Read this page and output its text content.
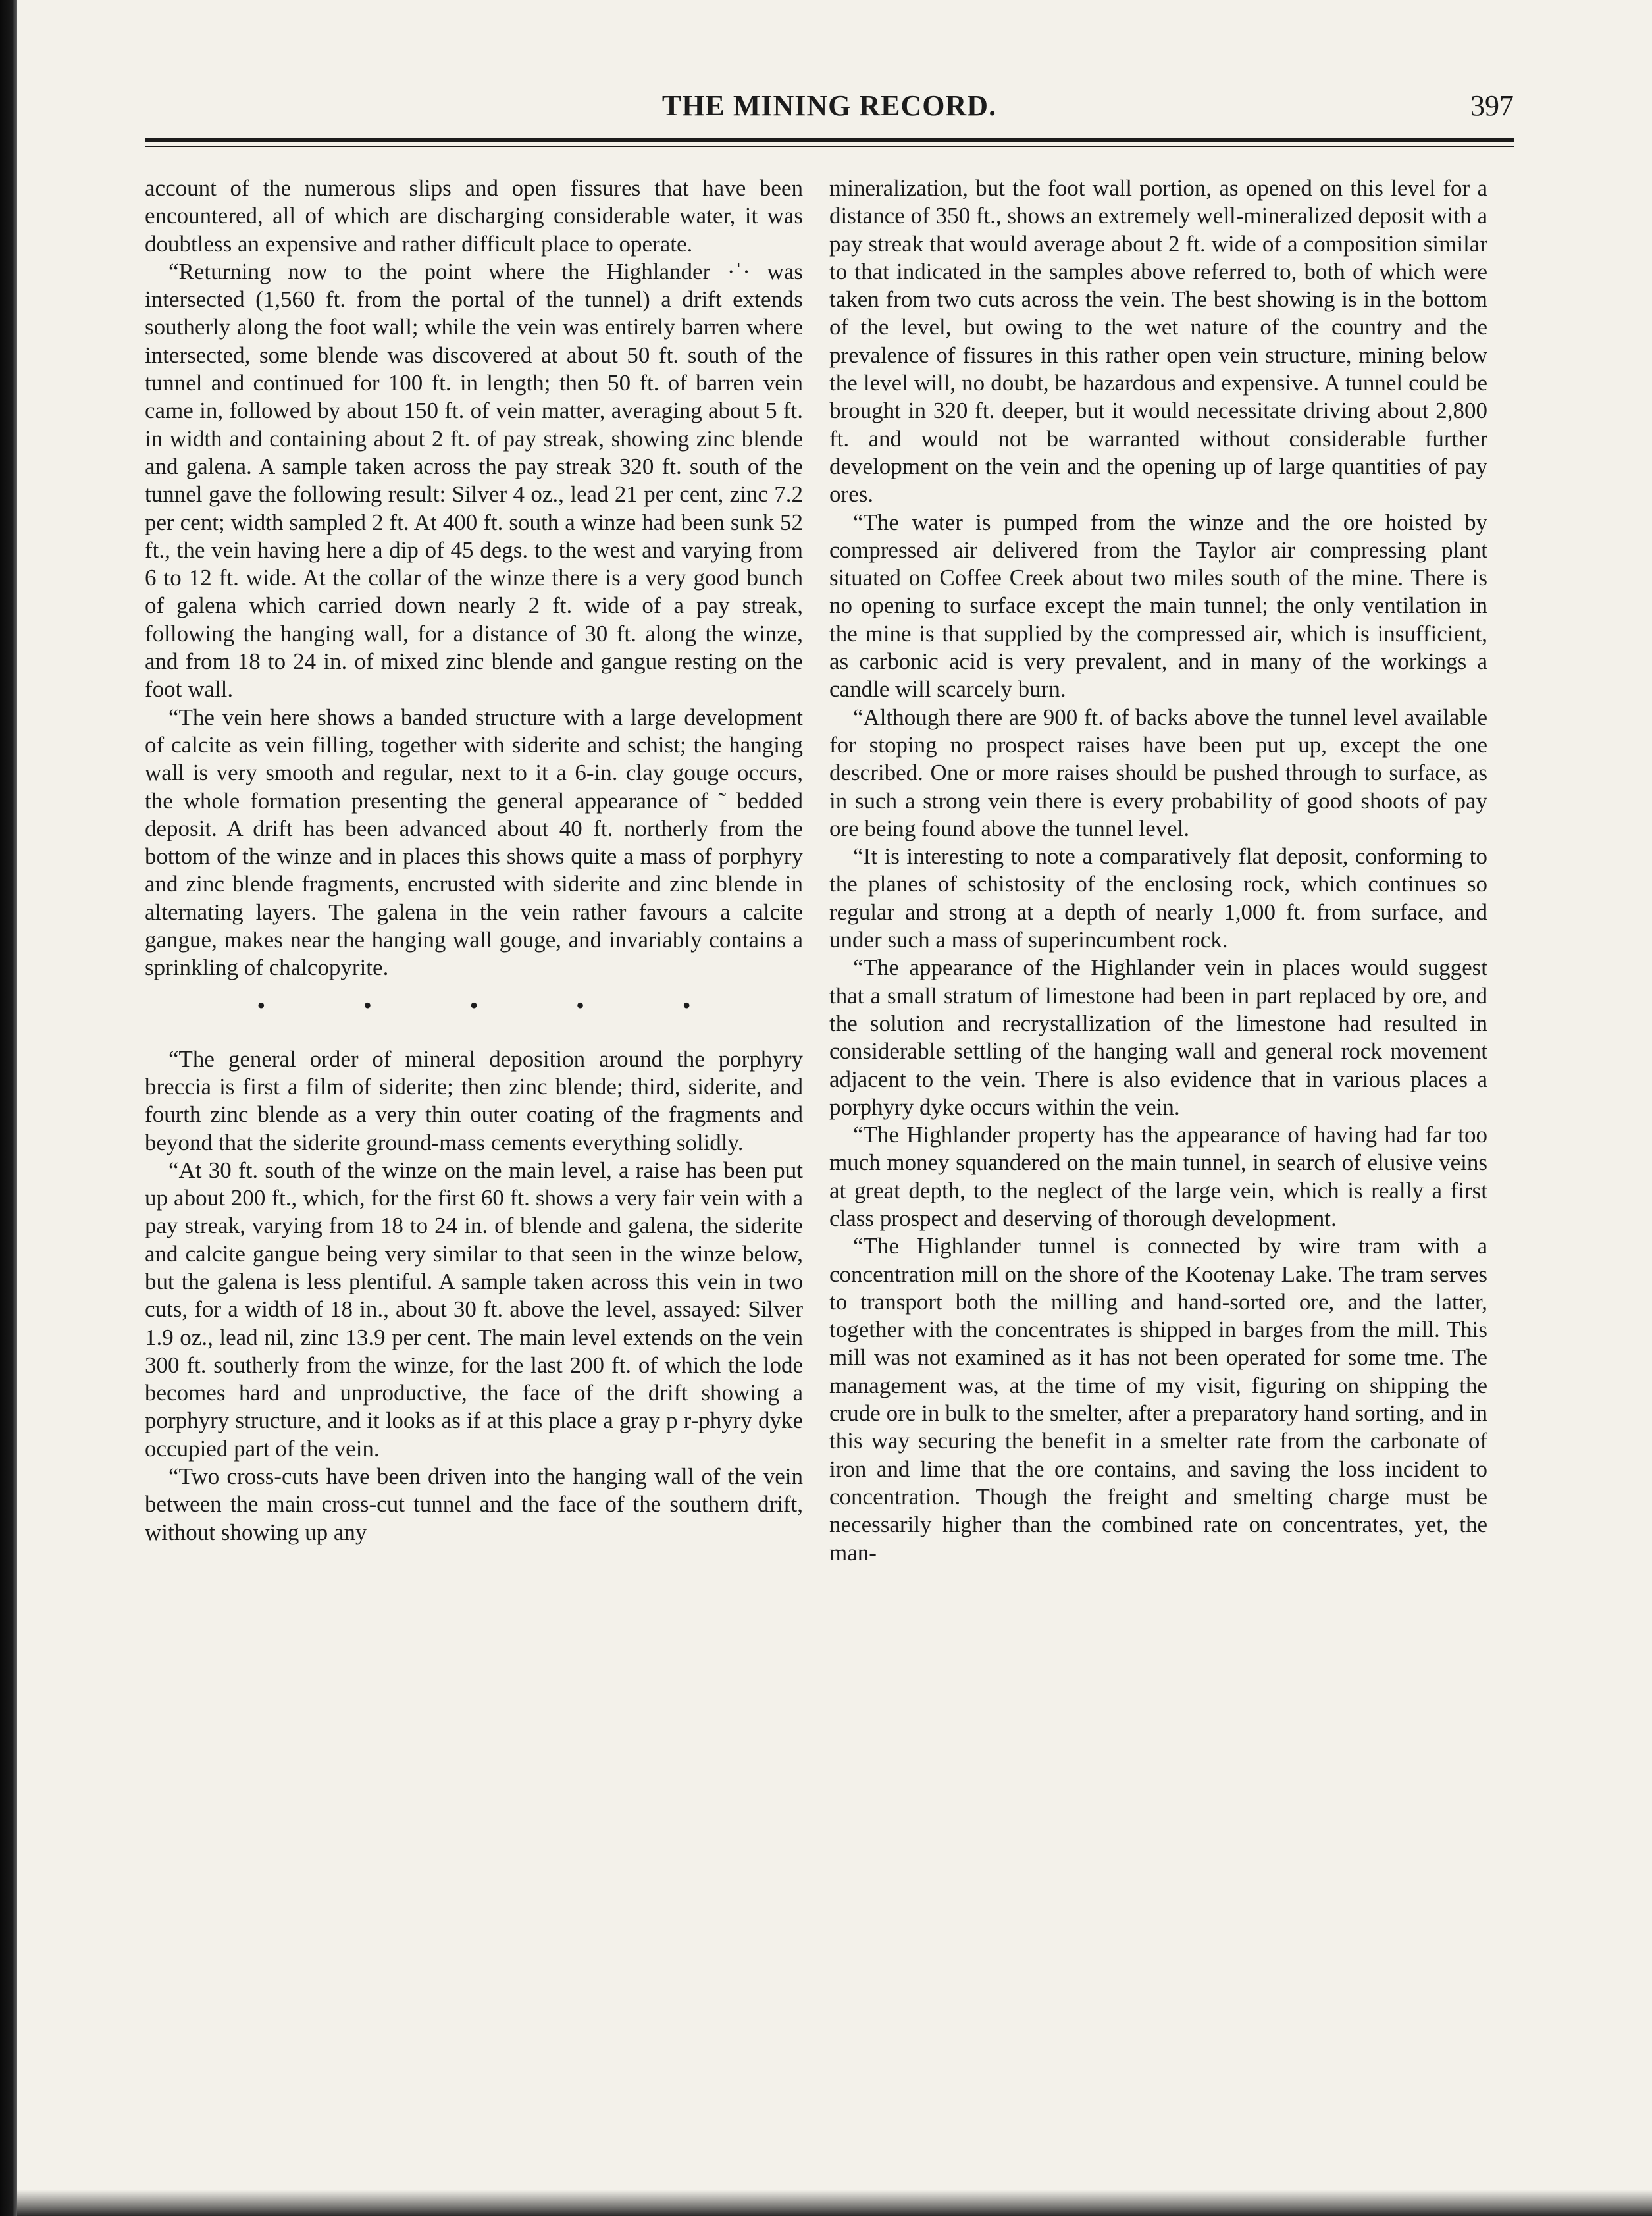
THE MINING RECORD.	397

account of the numerous slips and open fissures that have been encountered, all of which are discharging considerable water, it was doubtless an expensive and rather difficult place to operate.

“Returning now to the point where the Highlander ·ˈ· was intersected (1,560 ft. from the portal of the tunnel) a drift extends southerly along the foot wall; while the vein was entirely barren where intersected, some blende was discovered at about 50 ft. south of the tunnel and continued for 100 ft. in length; then 50 ft. of barren vein came in, followed by about 150 ft. of vein matter, averaging about 5 ft. in width and containing about 2 ft. of pay streak, showing zinc blende and galena. A sample taken across the pay streak 320 ft. south of the tunnel gave the following result: Silver 4 oz., lead 21 per cent, zinc 7.2 per cent; width sampled 2 ft. At 400 ft. south a winze had been sunk 52 ft., the vein having here a dip of 45 degs. to the west and varying from 6 to 12 ft. wide. At the collar of the winze there is a very good bunch of galena which carried down nearly 2 ft. wide of a pay streak, following the hanging wall, for a distance of 30 ft. along the winze, and from 18 to 24 in. of mixed zinc blende and gangue resting on the foot wall.

“The vein here shows a banded structure with a large development of calcite as vein filling, together with siderite and schist; the hanging wall is very smooth and regular, next to it a 6-in. clay gouge occurs, the whole formation presenting the general appearance of ˜ bedded deposit. A drift has been advanced about 40 ft. northerly from the bottom of the winze and in places this shows quite a mass of porphyry and zinc blende fragments, encrusted with siderite and zinc blende in alternating layers. The galena in the vein rather favours a calcite gangue, makes near the hanging wall gouge, and invariably contains a sprinkling of chalcopyrite.

• • • • •

“The general order of mineral deposition around the porphyry breccia is first a film of siderite; then zinc blende; third, siderite, and fourth zinc blende as a very thin outer coating of the fragments and beyond that the siderite ground-mass cements everything solidly.

“At 30 ft. south of the winze on the main level, a raise has been put up about 200 ft., which, for the first 60 ft. shows a very fair vein with a pay streak, varying from 18 to 24 in. of blende and galena, the siderite and calcite gangue being very similar to that seen in the winze below, but the galena is less plentiful. A sample taken across this vein in two cuts, for a width of 18 in., about 30 ft. above the level, assayed: Silver 1.9 oz., lead nil, zinc 13.9 per cent. The main level extends on the vein 300 ft. southerly from the winze, for the last 200 ft. of which the lode becomes hard and unproductive, the face of the drift showing a porphyry structure, and it looks as if at this place a gray p r-phyry dyke occupied part of the vein.

“Two cross-cuts have been driven into the hanging wall of the vein between the main cross-cut tunnel and the face of the southern drift, without showing up any

mineralization, but the foot wall portion, as opened on this level for a distance of 350 ft., shows an extremely well-mineralized deposit with a pay streak that would average about 2 ft. wide of a composition similar to that indicated in the samples above referred to, both of which were taken from two cuts across the vein. The best showing is in the bottom of the level, but owing to the wet nature of the country and the prevalence of fissures in this rather open vein structure, mining below the level will, no doubt, be hazardous and expensive. A tunnel could be brought in 320 ft. deeper, but it would necessitate driving about 2,800 ft. and would not be warranted without considerable further development on the vein and the opening up of large quantities of pay ores.

“The water is pumped from the winze and the ore hoisted by compressed air delivered from the Taylor air compressing plant situated on Coffee Creek about two miles south of the mine. There is no opening to surface except the main tunnel; the only ventilation in the mine is that supplied by the compressed air, which is insufficient, as carbonic acid is very prevalent, and in many of the workings a candle will scarcely burn.

“Although there are 900 ft. of backs above the tunnel level available for stoping no prospect raises have been put up, except the one described. One or more raises should be pushed through to surface, as in such a strong vein there is every probability of good shoots of pay ore being found above the tunnel level.

“It is interesting to note a comparatively flat deposit, conforming to the planes of schistosity of the enclosing rock, which continues so regular and strong at a depth of nearly 1,000 ft. from surface, and under such a mass of superincumbent rock.

“The appearance of the Highlander vein in places would suggest that a small stratum of limestone had been in part replaced by ore, and the solution and recrystallization of the limestone had resulted in considerable settling of the hanging wall and general rock movement adjacent to the vein. There is also evidence that in various places a porphyry dyke occurs within the vein.

“The Highlander property has the appearance of having had far too much money squandered on the main tunnel, in search of elusive veins at great depth, to the neglect of the large vein, which is really a first class prospect and deserving of thorough development.

“The Highlander tunnel is connected by wire tram with a concentration mill on the shore of the Kootenay Lake. The tram serves to transport both the milling and hand-sorted ore, and the latter, together with the concentrates is shipped in barges from the mill. This mill was not examined as it has not been operated for some tme. The management was, at the time of my visit, figuring on shipping the crude ore in bulk to the smelter, after a preparatory hand sorting, and in this way securing the benefit in a smelter rate from the carbonate of iron and lime that the ore contains, and saving the loss incident to concentration. Though the freight and smelting charge must be necessarily higher than the combined rate on concentrates, yet, the man-
